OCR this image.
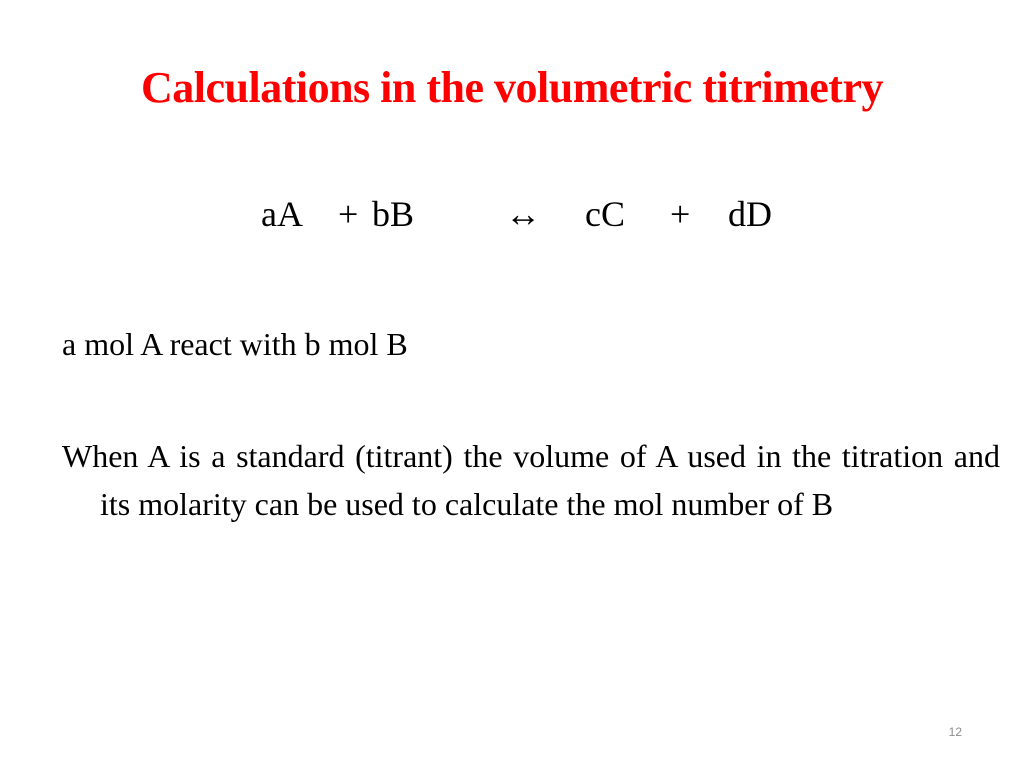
Calculations in the volumetric titrimetry
aA + bB	↔ cC + dD
a mol A react with b mol B
When A is a standard (titrant) the volume of A used in the titration and its molarity can be used to calculate the mol number of B
12
